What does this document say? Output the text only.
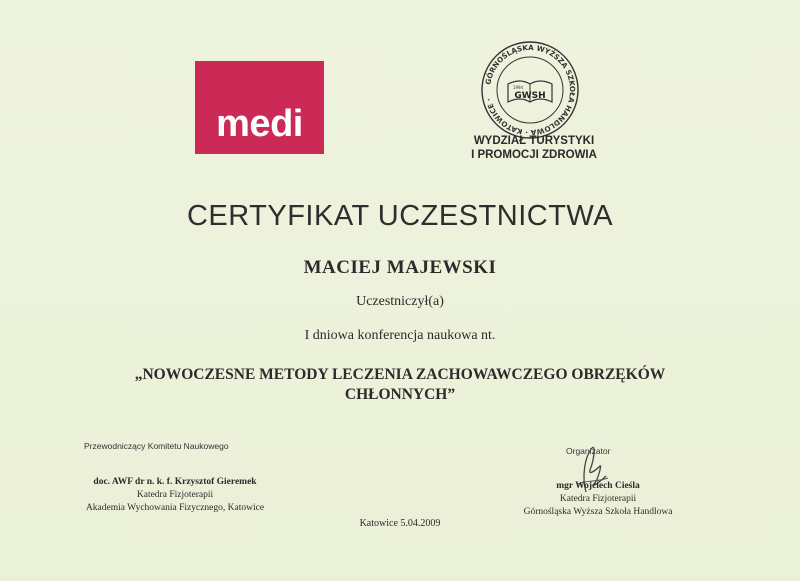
medi
GÓRNOŚLĄSKA WYŻSZA SZKOŁA HANDLOWA · KATOWICE ·	GWSH
1994
WYDZIAŁ TURYSTYKI
I PROMOCJI ZDROWIA
CERTYFIKAT UCZESTNICTWA
MACIEJ MAJEWSKI
Uczestniczył(a)
I dniowa konferencja naukowa nt.
„NOWOCZESNE METODY LECZENIA ZACHOWAWCZEGO OBRZĘKÓW
CHŁONNYCH”
Przewodniczący Komitetu Naukowego
doc. AWF dr n. k. f. Krzysztof Gieremek
Katedra Fizjoterapii
Akademia Wychowania Fizycznego, Katowice
Organizator
mgr Wojciech Cieśla
Katedra Fizjoterapii
Górnośląska Wyższa Szkoła Handlowa
Katowice 5.04.2009
